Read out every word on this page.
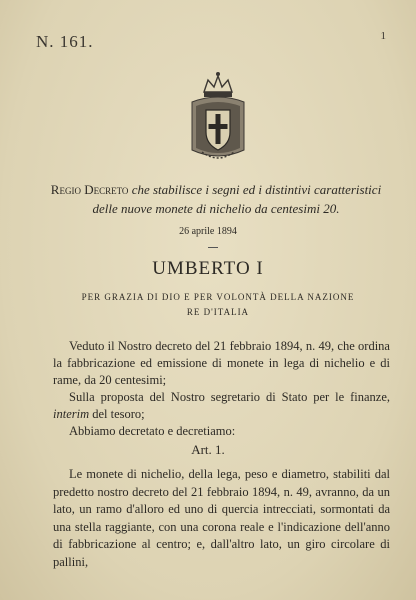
N. 161.	1
Regio Decreto che stabilisce i segni ed i distintivi caratteristici delle nuove monete di nichelio da centesimi 20.
26 aprile 1894
UMBERTO I
PER GRAZIA DI DIO E PER VOLONTÀ DELLA NAZIONE
RE D'ITALIA

Veduto il Nostro decreto del 21 febbraio 1894, n. 49, che ordina la fabbricazione ed emissione di monete in lega di nichelio e di rame, da 20 centesimi;

Sulla proposta del Nostro segretario di Stato per le finanze, interim del tesoro;

Abbiamo decretato e decretiamo:

Art. 1.

Le monete di nichelio, della lega, peso e diametro, stabiliti dal predetto nostro decreto del 21 febbraio 1894, n. 49, avranno, da un lato, un ramo d'alloro ed uno di quercia intrecciati, sormontati da una stella raggiante, con una corona reale e l'indicazione dell'anno di fabbricazione al centro; e, dall'altro lato, un giro circolare di pallini,
